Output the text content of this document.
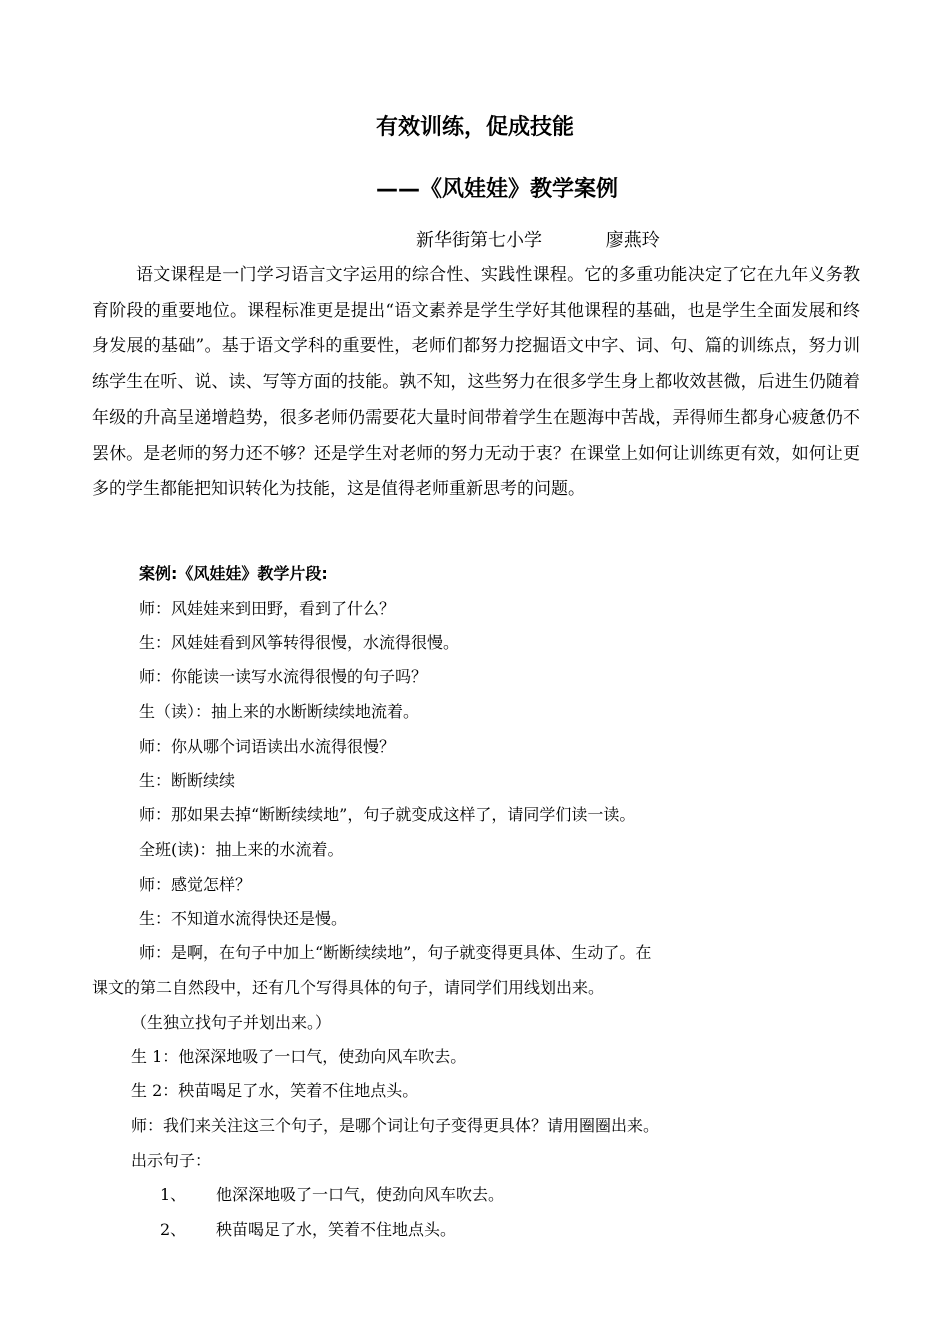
有效训练，促成技能
——《风娃娃》教学案例
新华街第七小学	廖燕玲

语文课程是一门学习语言文字运用的综合性、实践性课程。它的多重功能决定了它在九年义务教育阶段的重要地位。课程标准更是提出“语文素养是学生学好其他课程的基础，也是学生全面发展和终身发展的基础”。基于语文学科的重要性，老师们都努力挖掘语文中字、词、句、篇的训练点，努力训练学生在听、说、读、写等方面的技能。孰不知，这些努力在很多学生身上都收效甚微，后进生仍随着年级的升高呈递增趋势，很多老师仍需要花大量时间带着学生在题海中苦战，弄得师生都身心疲惫仍不罢休。是老师的努力还不够？还是学生对老师的努力无动于衷？在课堂上如何让训练更有效，如何让更多的学生都能把知识转化为技能，这是值得老师重新思考的问题。

案例:《风娃娃》教学片段:
师：风娃娃来到田野，看到了什么？
生：风娃娃看到风筝转得很慢，水流得很慢。
师：你能读一读写水流得很慢的句子吗？
生（读）：抽上来的水断断续续地流着。
师：你从哪个词语读出水流得很慢？
生：断断续续
师：那如果去掉“断断续续地”，句子就变成这样了，请同学们读一读。
全班(读)：抽上来的水流着。
师：感觉怎样？
生：不知道水流得快还是慢。
师：是啊，在句子中加上“断断续续地”，句子就变得更具体、生动了。在
课文的第二自然段中，还有几个写得具体的句子，请同学们用线划出来。
（生独立找句子并划出来。）
生 1：他深深地吸了一口气，使劲向风车吹去。
生 2：秧苗喝足了水，笑着不住地点头。
师：我们来关注这三个句子，是哪个词让句子变得更具体？请用圈圈出来。
出示句子：
1、 他深深地吸了一口气，使劲向风车吹去。
2、 秧苗喝足了水，笑着不住地点头。
